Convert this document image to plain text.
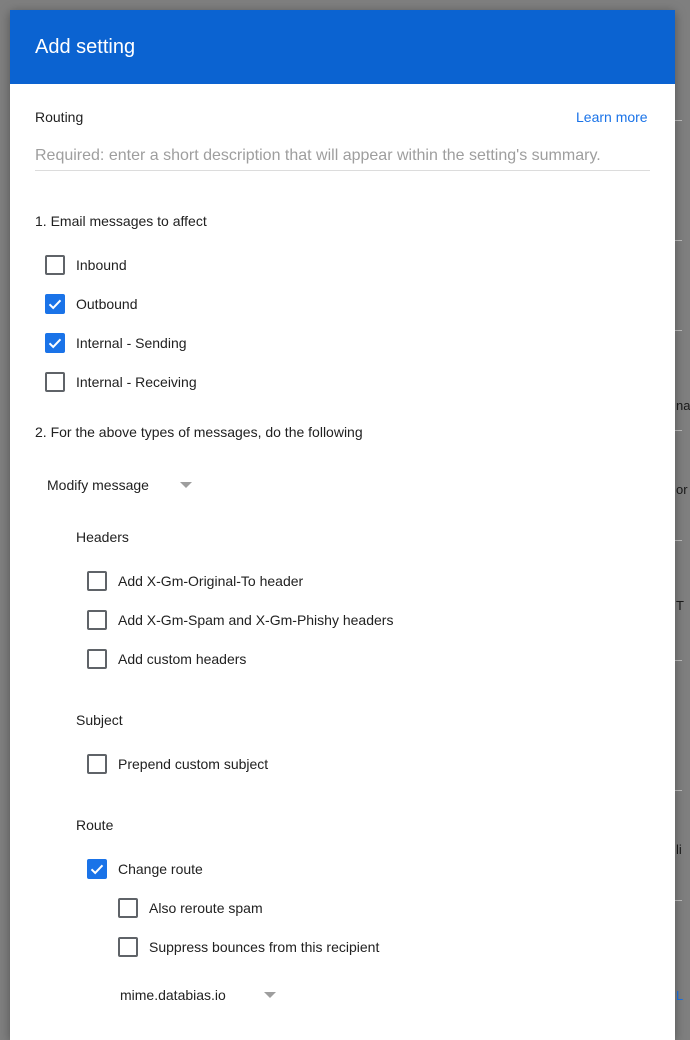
na
or
T
li
L
Add setting
Routing	Learn more
Required: enter a short description that will appear within the setting's summary.
1. Email messages to affect
Inbound
Outbound
Internal - Sending
Internal - Receiving
2. For the above types of messages, do the following
Modify message
Headers
Add X-Gm-Original-To header
Add X-Gm-Spam and X-Gm-Phishy headers
Add custom headers
Subject
Prepend custom subject
Route
Change route
Also reroute spam
Suppress bounces from this recipient
mime.databias.io
